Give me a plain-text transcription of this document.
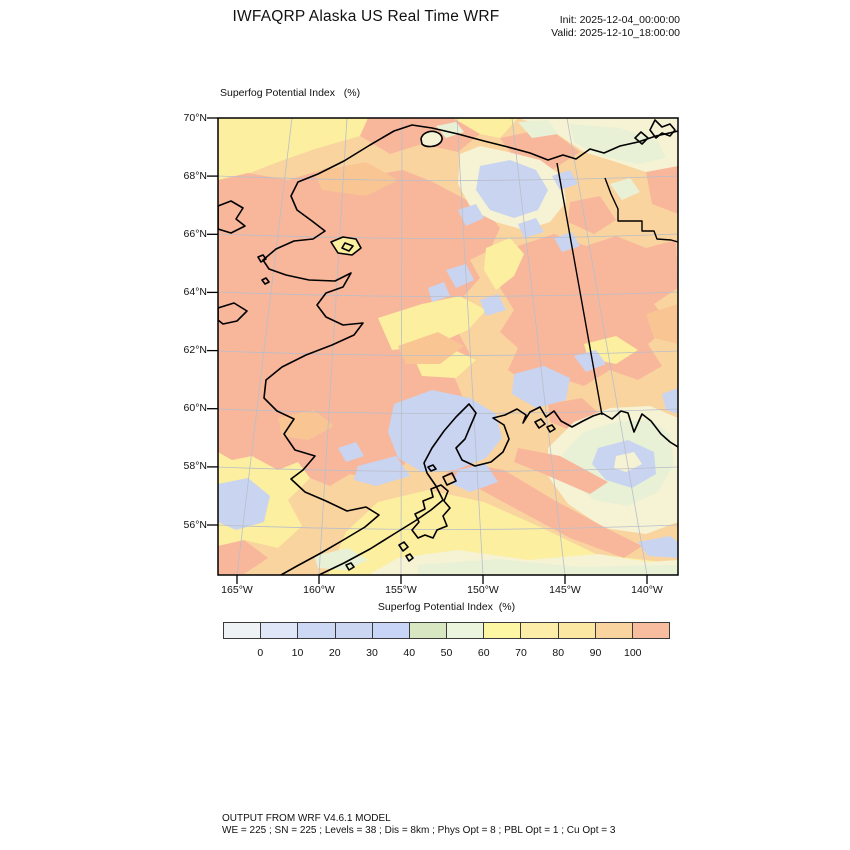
IWFAQRP Alaska US Real Time WRF	Init: 2025-12-04_00:00:00
Valid: 2025-12-10_18:00:00
Superfog Potential Index   (%)
70°N
68°N
66°N
64°N
62°N
60°N
58°N
56°N
165°W	160°W	155°W	150°W	145°W	140°W
Superfog Potential Index  (%)
0	10	20	30	40	50	60	70	80	90	100
OUTPUT FROM WRF V4.6.1 MODEL
WE = 225 ; SN = 225 ; Levels = 38 ; Dis = 8km ; Phys Opt = 8 ; PBL Opt = 1 ; Cu Opt = 3
